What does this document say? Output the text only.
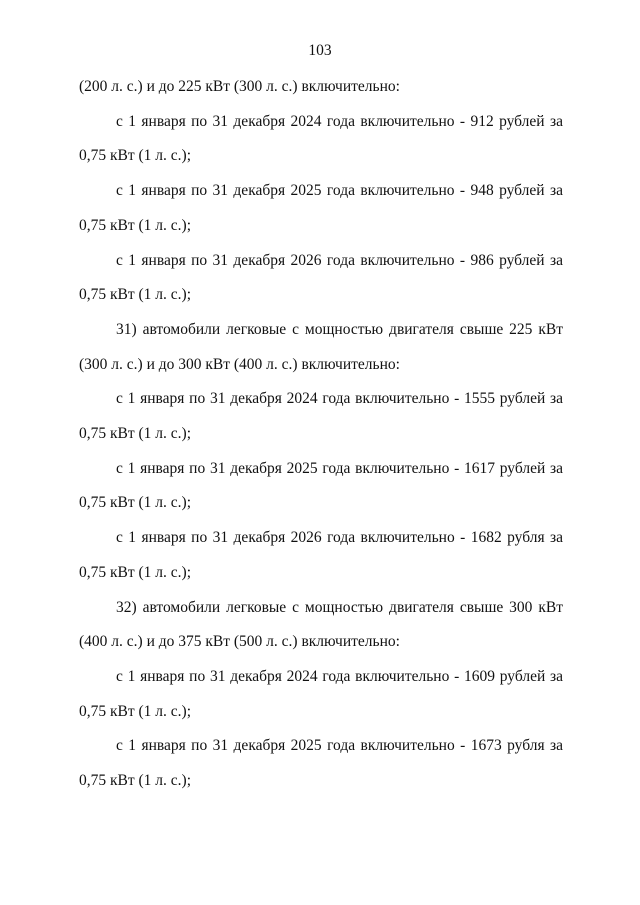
103

(200 л. с.) и до 225 кВт (300 л. с.) включительно:

с 1 января по 31 декабря 2024 года включительно - 912 рублей за 0,75 кВт (1 л. с.);

с 1 января по 31 декабря 2025 года включительно - 948 рублей за 0,75 кВт (1 л. с.);

с 1 января по 31 декабря 2026 года включительно - 986 рублей за 0,75 кВт (1 л. с.);

31) автомобили легковые с мощностью двигателя свыше 225 кВт (300 л. с.) и до 300 кВт (400 л. с.) включительно:

с 1 января по 31 декабря 2024 года включительно - 1555 рублей за 0,75 кВт (1 л. с.);

с 1 января по 31 декабря 2025 года включительно - 1617 рублей за 0,75 кВт (1 л. с.);

с 1 января по 31 декабря 2026 года включительно - 1682 рубля за 0,75 кВт (1 л. с.);

32) автомобили легковые с мощностью двигателя свыше 300 кВт (400 л. с.) и до 375 кВт (500 л. с.) включительно:

с 1 января по 31 декабря 2024 года включительно - 1609 рублей за 0,75 кВт (1 л. с.);

с 1 января по 31 декабря 2025 года включительно - 1673 рубля за 0,75 кВт (1 л. с.);
